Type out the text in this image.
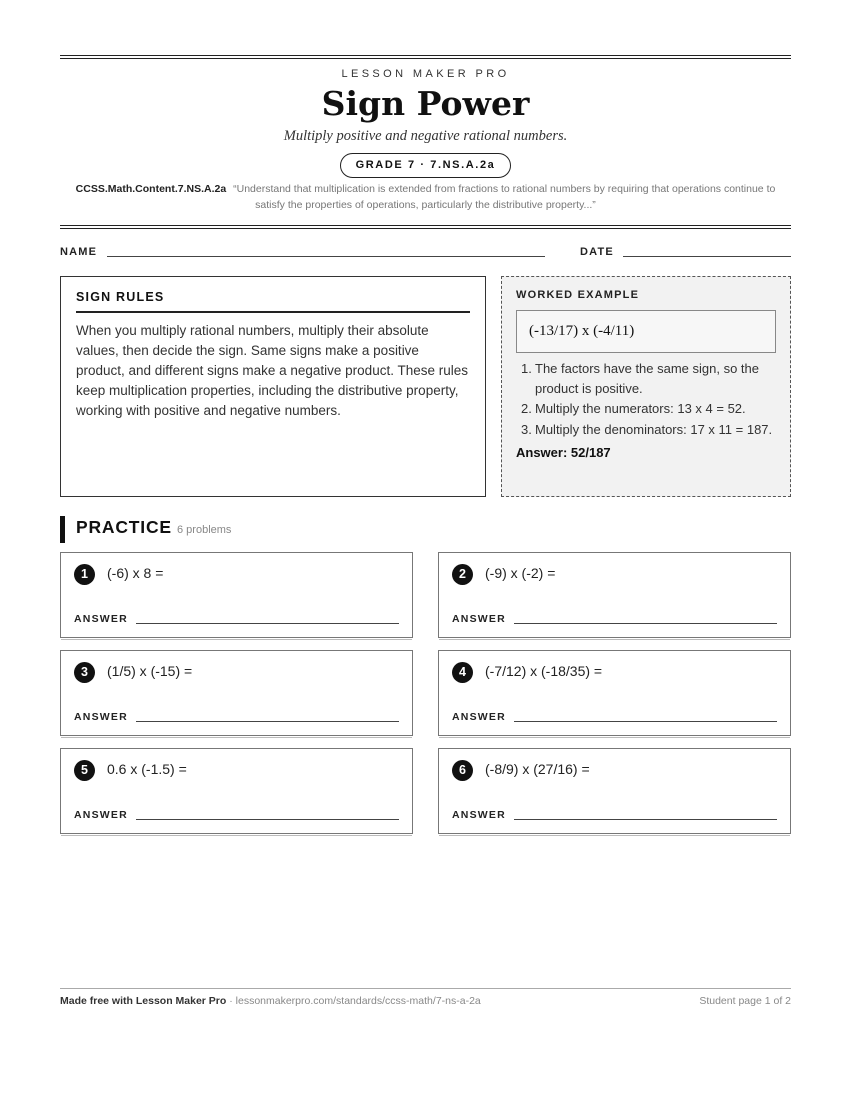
LESSON MAKER PRO
Sign Power
Multiply positive and negative rational numbers.
GRADE 7 · 7.NS.A.2a
CCSS.Math.Content.7.NS.A.2a “Understand that multiplication is extended from fractions to rational numbers by requiring that operations continue to satisfy the properties of operations, particularly the distributive property...”
NAME	DATE
SIGN RULES
When you multiply rational numbers, multiply their absolute values, then decide the sign. Same signs make a positive product, and different signs make a negative product. These rules keep multiplication properties, including the distributive property, working with positive and negative numbers.
WORKED EXAMPLE
(-13/17) x (-4/11)
1. The factors have the same sign, so the product is positive.
2. Multiply the numerators: 13 x 4 = 52.
3. Multiply the denominators: 17 x 11 = 187.
Answer: 52/187
PRACTICE 6 problems
1	(-6) x 8 =
ANSWER
2	(-9) x (-2) =
ANSWER
3	(1/5) x (-15) =
ANSWER
4	(-7/12) x (-18/35) =
ANSWER
5	0.6 x (-1.5) =
ANSWER
6	(-8/9) x (27/16) =
ANSWER
Made free with Lesson Maker Pro · lessonmakerpro.com/standards/ccss-math/7-ns-a-2a	Student page 1 of 2
